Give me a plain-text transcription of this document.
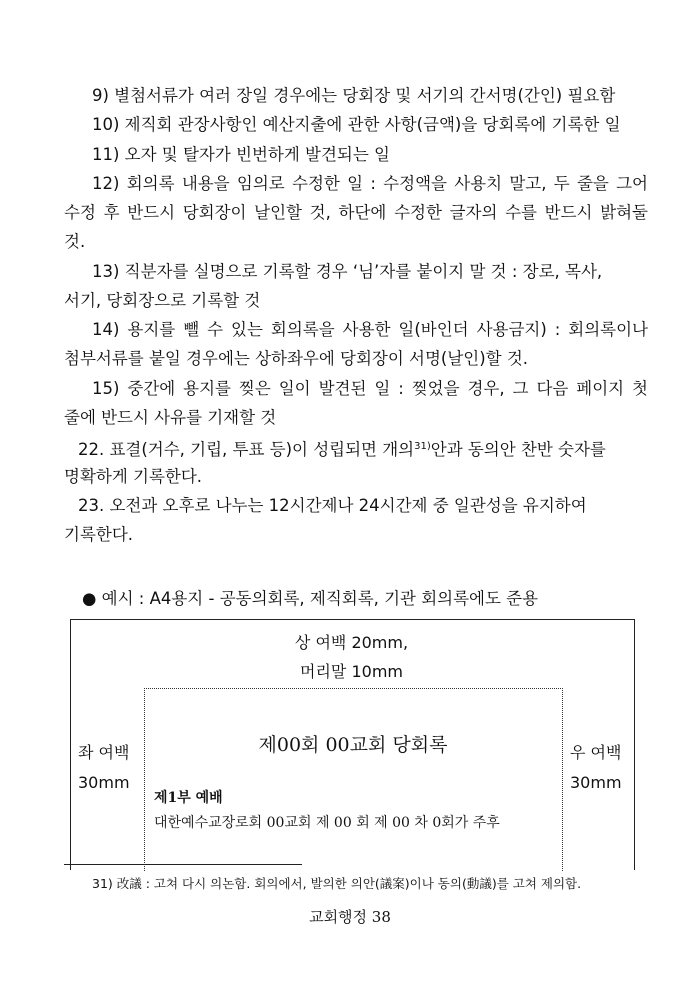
9) 별첨서류가 여러 장일 경우에는 당회장 및 서기의 간서명(간인) 필요함
10) 제직회 관장사항인 예산지출에 관한 사항(금액)을 당회록에 기록한 일
11) 오자 및 탈자가 빈번하게 발견되는 일
12) 회의록 내용을 임의로 수정한 일 : 수정액을 사용치 말고, 두 줄을 그어
수정 후 반드시 당회장이 날인할 것, 하단에 수정한 글자의 수를 반드시 밝혀둘
것.
13) 직분자를 실명으로 기록할 경우 ‘님’자를 붙이지 말 것 : 장로, 목사,
서기, 당회장으로 기록할 것
14) 용지를 뺄 수 있는 회의록을 사용한 일(바인더 사용금지) : 회의록이나
첨부서류를 붙일 경우에는 상하좌우에 당회장이 서명(날인)할 것.
15) 중간에 용지를 찢은 일이 발견된 일 : 찢었을 경우, 그 다음 페이지 첫
줄에 반드시 사유를 기재할 것
22. 표결(거수, 기립, 투표 등)이 성립되면 개의$^{31)}$안과 동의안 찬반 숫자를
명확하게 기록한다.
23. 오전과 오후로 나누는 12시간제나 24시간제 중 일관성을 유지하여
기록한다.
● 예시 : A4용지 - 공동의회록, 제직회록, 기관 회의록에도 준용
상 여백 20mm,
머리말 10mm
좌 여백
30mm
우 여백
30mm
제00회 00교회 당회록
제1부 예배
대한예수교장로회 00교회 제 00 회 제 00 차 0회가 주후
31) 改議 : 고쳐 다시 의논함. 회의에서, 발의한 의안(議案)이나 동의(動議)를 고쳐 제의함.
교회행정 38
